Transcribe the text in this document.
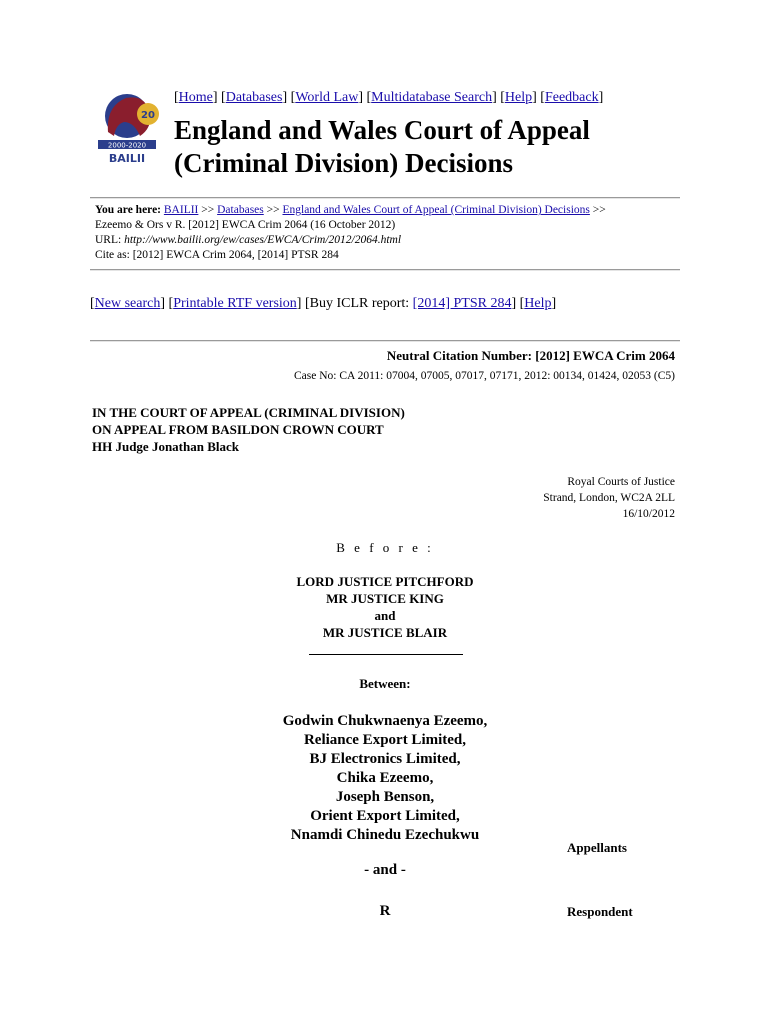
20
2000-2020
BAILII
[Home] [Databases] [World Law] [Multidatabase Search] [Help] [Feedback]
England and Wales Court of Appeal
(Criminal Division) Decisions
You are here: BAILII >> Databases >> England and Wales Court of Appeal (Criminal Division) Decisions >>
Ezeemo & Ors v R. [2012] EWCA Crim 2064 (16 October 2012)
URL: http://www.bailii.org/ew/cases/EWCA/Crim/2012/2064.html
Cite as: [2012] EWCA Crim 2064, [2014] PTSR 284
[New search] [Printable RTF version] [Buy ICLR report: [2014] PTSR 284] [Help]
Neutral Citation Number: [2012] EWCA Crim 2064
Case No: CA 2011: 07004, 07005, 07017, 07171, 2012: 00134, 01424, 02053 (C5)
IN THE COURT OF APPEAL (CRIMINAL DIVISION)
ON APPEAL FROM BASILDON CROWN COURT
HH Judge Jonathan Black
Royal Courts of Justice
Strand, London, WC2A 2LL
16/10/2012
B e f o r e :
LORD JUSTICE PITCHFORD
MR JUSTICE KING
and
MR JUSTICE BLAIR
Between:
Godwin Chukwnaenya Ezeemo,
Reliance Export Limited,
BJ Electronics Limited,
Chika Ezeemo,
Joseph Benson,
Orient Export Limited,
Nnamdi Chinedu Ezechukwu
Appellants
- and -
R	Respondent
